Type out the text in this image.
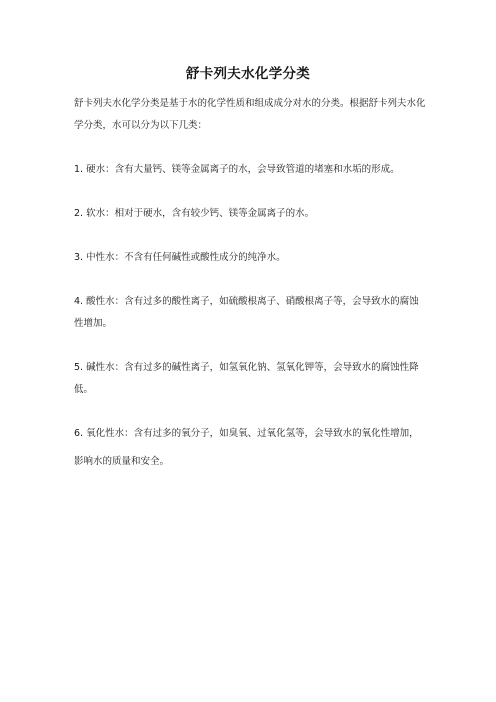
舒卡列夫水化学分类

舒卡列夫水化学分类是基于水的化学性质和组成成分对水的分类。根据舒卡列夫水化学分类，水可以分为以下几类：

1. 硬水：含有大量钙、镁等金属离子的水，会导致管道的堵塞和水垢的形成。

2. 软水：相对于硬水，含有较少钙、镁等金属离子的水。

3. 中性水：不含有任何碱性或酸性成分的纯净水。

4. 酸性水：含有过多的酸性离子，如硫酸根离子、硝酸根离子等，会导致水的腐蚀性增加。

5. 碱性水：含有过多的碱性离子，如氢氧化钠、氢氧化钾等，会导致水的腐蚀性降低。

6. 氧化性水：含有过多的氧分子，如臭氧、过氧化氢等，会导致水的氧化性增加，影响水的质量和安全。
